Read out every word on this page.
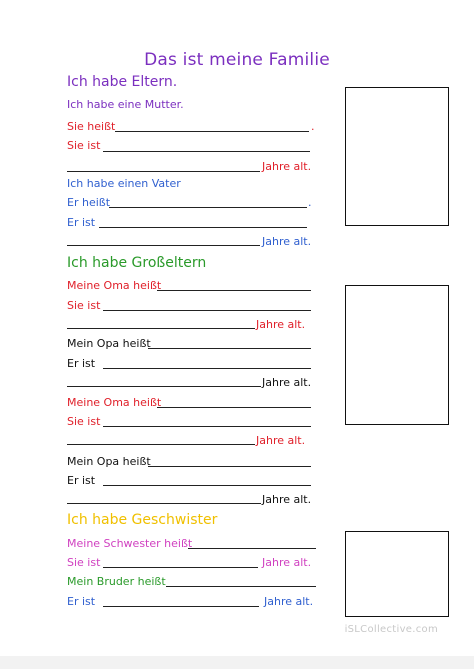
Das ist meine Familie
Ich habe Eltern.
Ich habe eine Mutter.
Sie heißt	.
Sie ist
Jahre alt.
Ich habe einen Vater
Er heißt	.
Er ist
Jahre alt.
Ich habe Großeltern
Meine Oma heißt
Sie ist
Jahre alt.
Mein Opa heißt
Er ist
Jahre alt.
Meine Oma heißt
Sie ist
Jahre alt.
Mein Opa heißt
Er ist
Jahre alt.
Ich habe Geschwister
Meine Schwester heißt
Sie ist	Jahre alt.
Mein Bruder heißt
Er ist	Jahre alt.
iSLCollective.com
